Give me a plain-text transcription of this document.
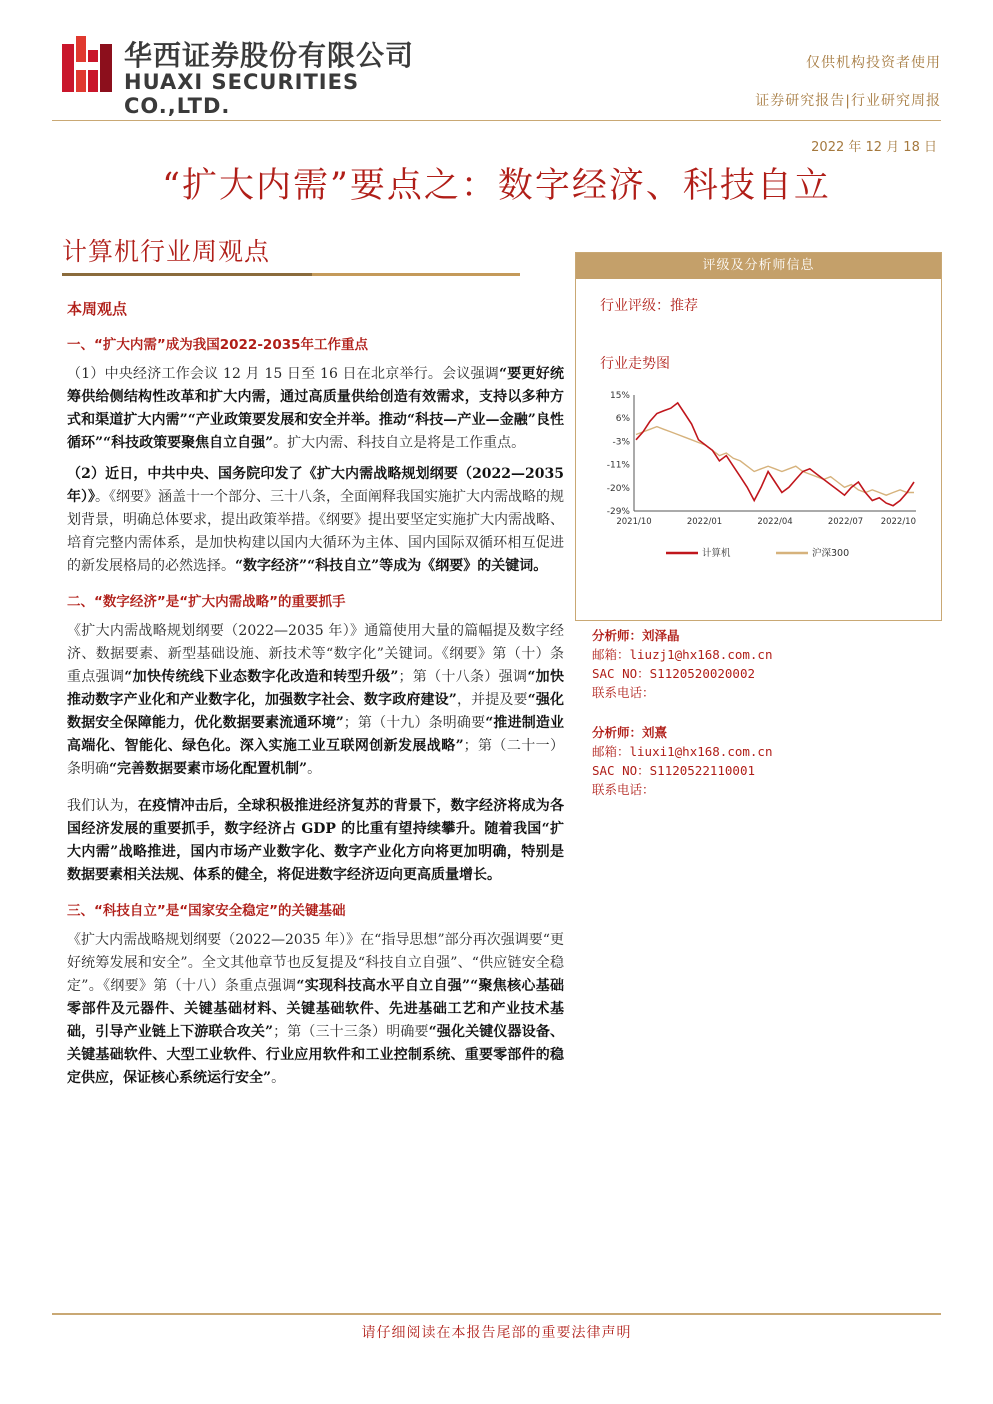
华西证券股份有限公司
HUAXI SECURITIES CO.,LTD.
仅供机构投资者使用
证券研究报告|行业研究周报
2022 年 12 月 18 日
“扩大内需”要点之：数字经济、科技自立
计算机行业周观点
本周观点
一、“扩大内需”成为我国2022-2035年工作重点

（1）中央经济工作会议 12 月 15 日至 16 日在北京举行。会议强调“要更好统筹供给侧结构性改革和扩大内需，通过高质量供给创造有效需求，支持以多种方式和渠道扩大内需”“产业政策要发展和安全并举。推动“科技—产业—金融”良性循环”“科技政策要聚焦自立自强”。扩大内需、科技自立是将是工作重点。

（2）近日，中共中央、国务院印发了《扩大内需战略规划纲要（2022—2035 年）》。《纲要》涵盖十一个部分、三十八条，全面阐释我国实施扩大内需战略的规划背景，明确总体要求，提出政策举措。《纲要》提出要坚定实施扩大内需战略、培育完整内需体系，是加快构建以国内大循环为主体、国内国际双循环相互促进的新发展格局的必然选择。“数字经济”“科技自立”等成为《纲要》的关键词。

二、“数字经济”是“扩大内需战略”的重要抓手

《扩大内需战略规划纲要（2022—2035 年）》通篇使用大量的篇幅提及数字经济、数据要素、新型基础设施、新技术等“数字化”关键词。《纲要》第（十）条重点强调“加快传统线下业态数字化改造和转型升级”；第（十八条）强调“加快推动数字产业化和产业数字化，加强数字社会、数字政府建设”，并提及要“强化数据安全保障能力，优化数据要素流通环境”；第（十九）条明确要“推进制造业高端化、智能化、绿色化。深入实施工业互联网创新发展战略”；第（二十一）条明确“完善数据要素市场化配置机制”。

我们认为，在疫情冲击后，全球积极推进经济复苏的背景下，数字经济将成为各国经济发展的重要抓手，数字经济占 GDP 的比重有望持续攀升。随着我国“扩大内需”战略推进，国内市场产业数字化、数字产业化方向将更加明确，特别是数据要素相关法规、体系的健全，将促进数字经济迈向更高质量增长。

三、“科技自立”是“国家安全稳定”的关键基础

《扩大内需战略规划纲要（2022—2035 年）》在“指导思想”部分再次强调要“更好统筹发展和安全”。全文其他章节也反复提及“科技自立自强”、“供应链安全稳定”。《纲要》第（十八）条重点强调“实现科技高水平自立自强”“聚焦核心基础零部件及元器件、关键基础材料、关键基础软件、先进基础工艺和产业技术基础，引导产业链上下游联合攻关”；第（三十三条）明确要“强化关键仪器设备、关键基础软件、大型工业软件、行业应用软件和工业控制系统、重要零部件的稳定供应，保证核心系统运行安全”。

评级及分析师信息
行业评级：推荐
行业走势图
15%
6%
-3%
-11%
-20%
-29%
2021/10	2022/01	2022/04	2022/07 2022/10
计算机	沪深300
分析师：刘泽晶
邮箱：liuzj1@hx168.com.cn
SAC NO：S1120520020002
联系电话：
分析师：刘熹
邮箱：liuxi1@hx168.com.cn
SAC NO：S1120522110001
联系电话：
请仔细阅读在本报告尾部的重要法律声明
